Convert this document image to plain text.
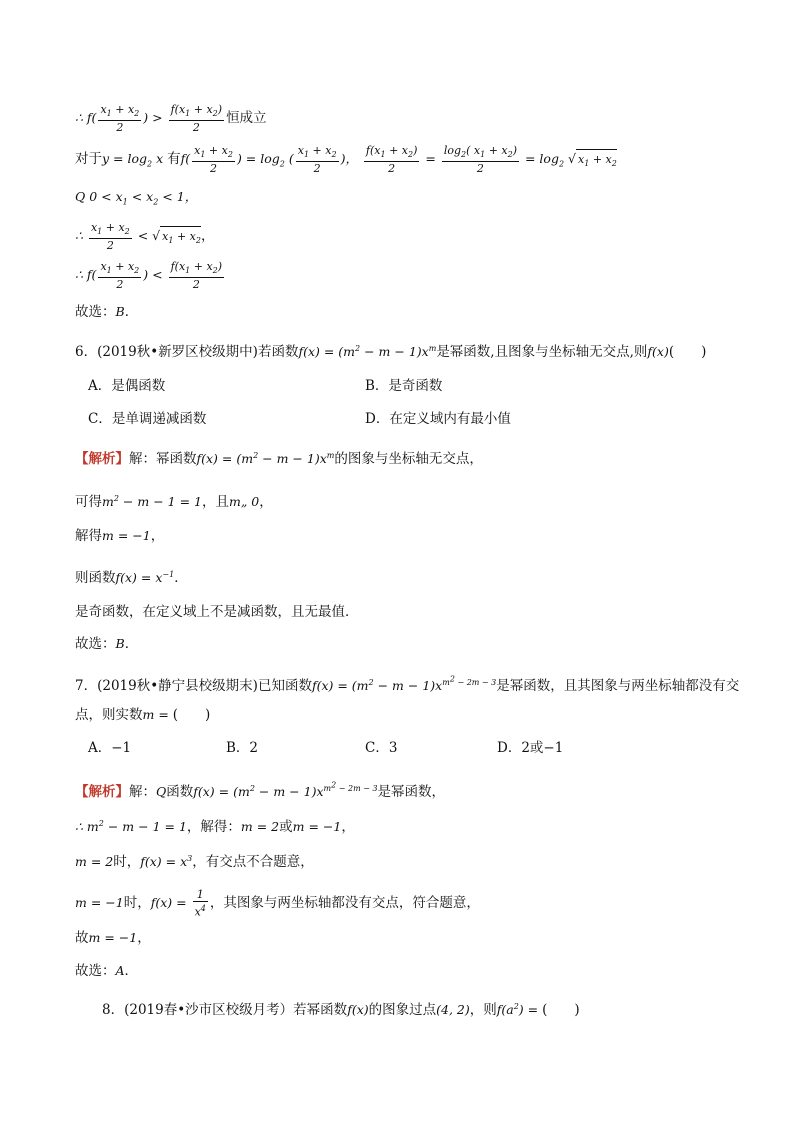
∴ $f( \frac{x_1 + x_2}{2}$ ) > $\frac{f(x_1 + x_2)}{2}$ 恒成立
对于$y = \log_2 x$ 有$f( \frac{x_1 + x_2}{2}$ ) = $\log_2$ ( $\frac{x_1 + x_2}{2}$ )， $\frac{f(x_1 + x_2)}{2} = \frac{\log_2( x_1 + x_2)}{2} = \log_2$ √ $x_1 + x_2$
Q $0 < x_1 < x_2 < 1$，
∴ $\frac{x_1 + x_2}{2}$ < √ $x_1 + x_2$，
∴ $f( \frac{x_1 + x_2}{2}$ ) < $\frac{f(x_1 + x_2)}{2}$
故选：B．
6．(2019秋•新罗区校级期中)若函数$f(x) = (m^2 - m - 1)x^m$是幂函数,且图象与坐标轴无交点,则f(x)(　　)
A．是偶函数	B．是奇函数
C．是单调递减函数	D．在定义域内有最小值
【解析】解：幂函数$f(x) = (m^2 - m - 1)x^m$的图象与坐标轴无交点，
可得$m^2 - m - 1 = 1$，且m„ 0，
解得m = −1，
则函数$f(x) = x^{-1}$．
是奇函数，在定义域上不是减函数，且无最值．
故选：B．
7．(2019秋•静宁县校级期末)已知函数$f(x) = (m^2 - m - 1)x^{m^2 - 2m - 3}$是幂函数，且其图象与两坐标轴都没有交
点，则实数m = (　　)
A．−1	B．2	C．3	D．2或−1
【解析】解：Q函数$f(x) = (m^2 - m - 1)x^{m^2 - 2m - 3}$是幂函数，
∴ $m^2 - m - 1 = 1$，解得：m = 2或m = −1，
m = 2时，$f(x) = x^3$，有交点不合题意，
m = −1时，$f(x) = \frac{1}{x^4}$ ，其图象与两坐标轴都没有交点，符合题意，
故m = −1，
故选：A．
8．(2019春•沙市区校级月考）若幂函数f(x)的图象过点(4, 2)，则$f(a^2)$ = (　　)
